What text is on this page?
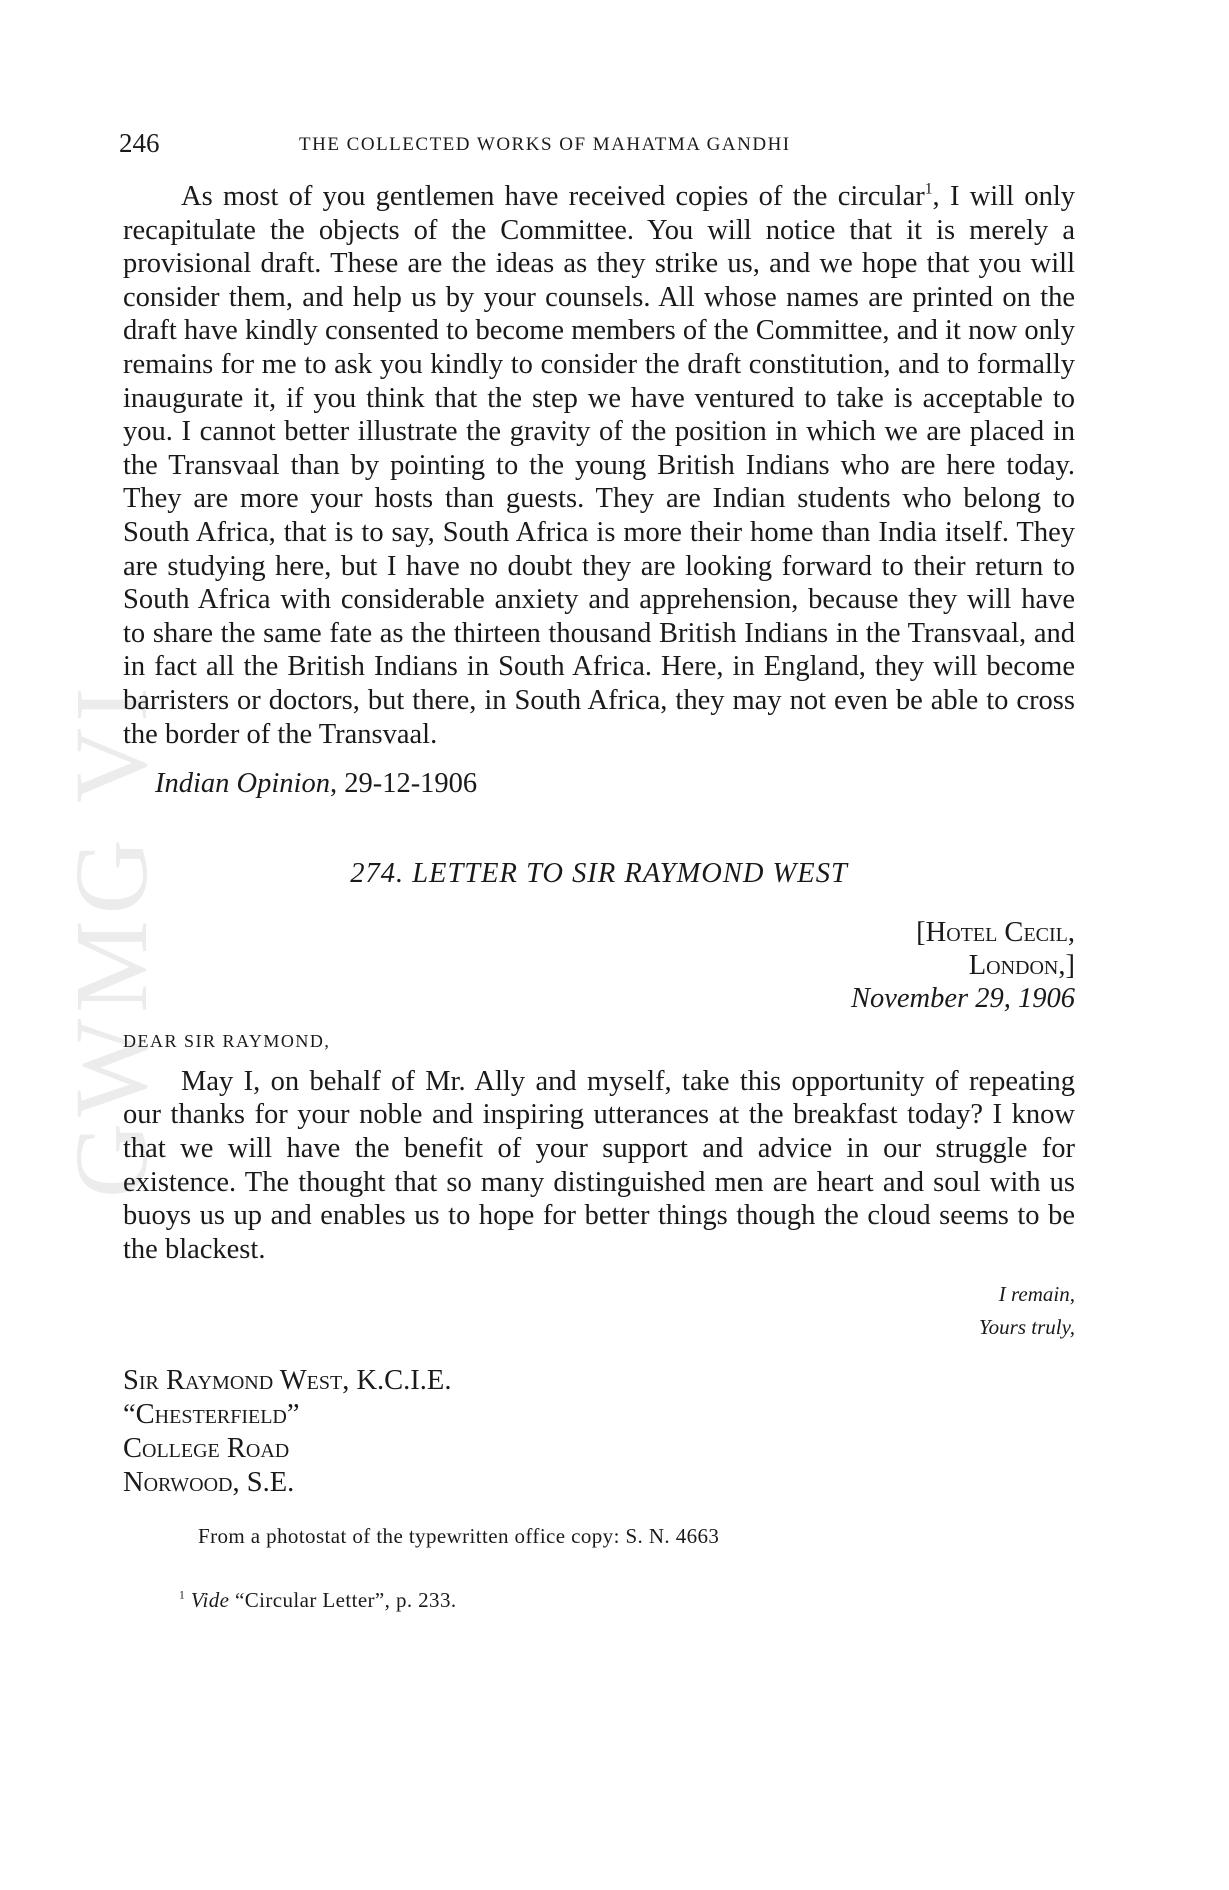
GWMG VI
246	THE COLLECTED WORKS OF MAHATMA GANDHI

As most of you gentlemen have received copies of the circular$^1$, I will only recapitulate the objects of the Committee. You will notice that it is merely a provisional draft. These are the ideas as they strike us, and we hope that you will consider them, and help us by your counsels. All whose names are printed on the draft have kindly consented to become members of the Committee, and it now only remains for me to ask you kindly to consider the draft constitution, and to formally inaugurate it, if you think that the step we have ventured to take is acceptable to you. I cannot better illustrate the gravity of the position in which we are placed in the Transvaal than by pointing to the young British Indians who are here today. They are more your hosts than guests. They are Indian students who belong to South Africa, that is to say, South Africa is more their home than India itself. They are studying here, but I have no doubt they are looking forward to their return to South Africa with considerable anxiety and apprehension, because they will have to share the same fate as the thirteen thousand British Indians in the Transvaal, and in fact all the British Indians in South Africa. Here, in England, they will become barristers or doctors, but there, in South Africa, they may not even be able to cross the border of the Transvaal.

Indian Opinion, 29-12-1906

274. LETTER TO SIR RAYMOND WEST

[Hotel Cecil,
London,]
November 29, 1906

DEAR SIR RAYMOND,

May I, on behalf of Mr. Ally and myself, take this opportunity of repeating our thanks for your noble and inspiring utterances at the breakfast today? I know that we will have the benefit of your support and advice in our struggle for existence. The thought that so many distinguished men are heart and soul with us buoys us up and enables us to hope for better things though the cloud seems to be the blackest.

I remain,
Yours truly,
Sir Raymond West, K.C.I.E.
“Chesterfield”
College Road
Norwood, S.E.

From a photostat of the typewritten office copy: S. N. 4663

$^1$ Vide “Circular Letter”, p. 233.
